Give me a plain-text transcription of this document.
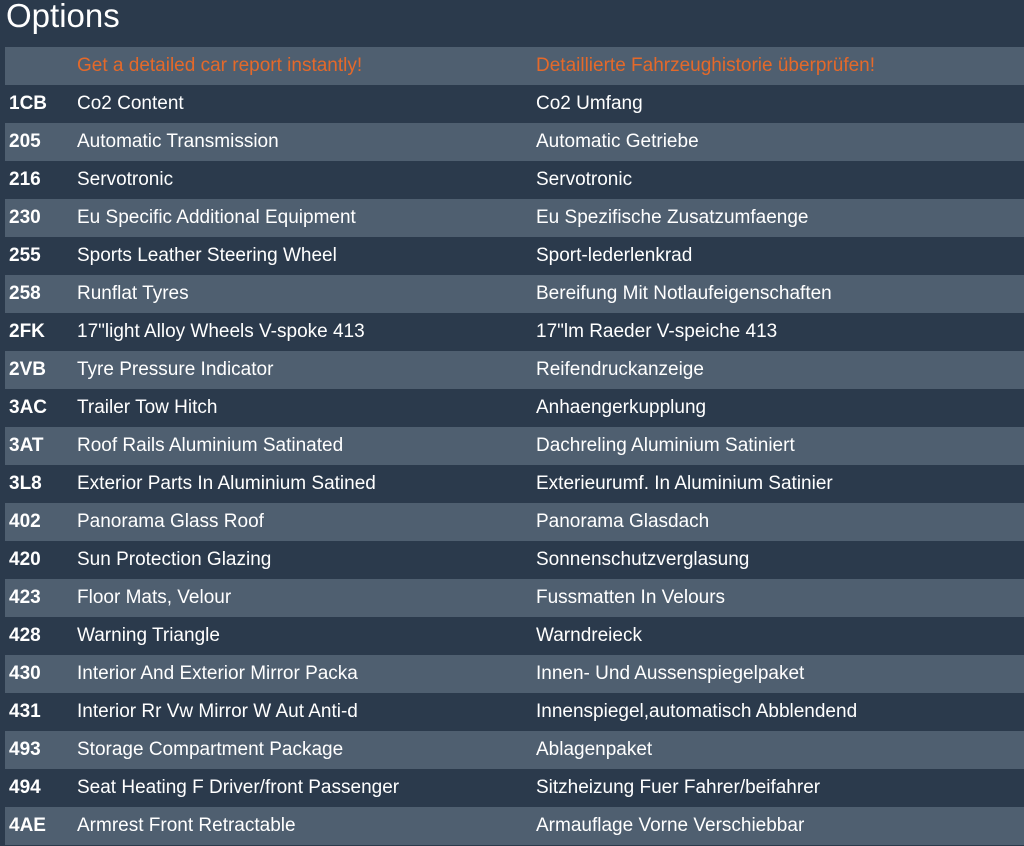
Options
	Get a detailed car report instantly!	Detaillierte Fahrzeughistorie überprüfen!
1CB	Co2 Content	Co2 Umfang
205	Automatic Transmission	Automatic Getriebe
216	Servotronic	Servotronic
230	Eu Specific Additional Equipment	Eu Spezifische Zusatzumfaenge
255	Sports Leather Steering Wheel	Sport-lederlenkrad
258	Runflat Tyres	Bereifung Mit Notlaufeigenschaften
2FK	17"light Alloy Wheels V-spoke 413	17"lm Raeder V-speiche 413
2VB	Tyre Pressure Indicator	Reifendruckanzeige
3AC	Trailer Tow Hitch	Anhaengerkupplung
3AT	Roof Rails Aluminium Satinated	Dachreling Aluminium Satiniert
3L8	Exterior Parts In Aluminium Satined	Exterieurumf. In Aluminium Satinier
402	Panorama Glass Roof	Panorama Glasdach
420	Sun Protection Glazing	Sonnenschutzverglasung
423	Floor Mats, Velour	Fussmatten In Velours
428	Warning Triangle	Warndreieck
430	Interior And Exterior Mirror Packa	Innen- Und Aussenspiegelpaket
431	Interior Rr Vw Mirror W Aut Anti-d	Innenspiegel,automatisch Abblendend
493	Storage Compartment Package	Ablagenpaket
494	Seat Heating F Driver/front Passenger	Sitzheizung Fuer Fahrer/beifahrer
4AE	Armrest Front Retractable	Armauflage Vorne Verschiebbar
